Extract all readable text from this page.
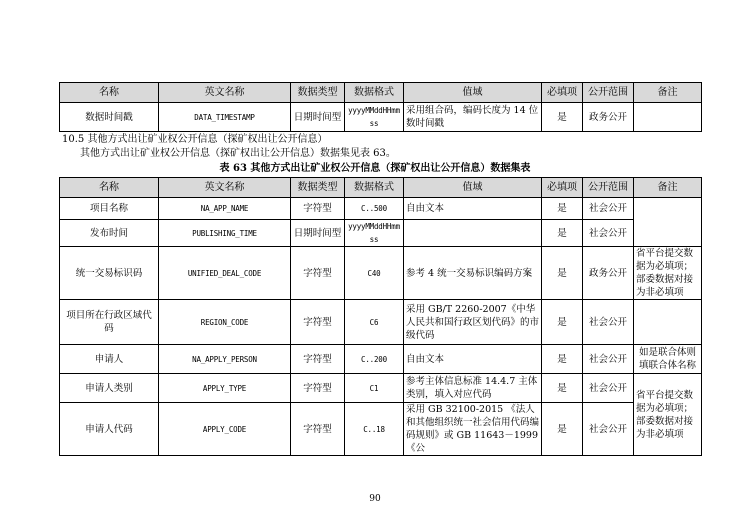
名称	英文名称	数据类型	数据格式	值域	必填项	公开范围	备注
数据时间戳	DATA_TIMESTAMP	日期时间型	yyyyMMddHHmmss	采用组合码，编码长度为 14 位数时间戳	是	政务公开	
10.5 其他方式出让矿业权公开信息（探矿权出让公开信息）
其他方式出让矿业权公开信息（探矿权出让公开信息）数据集见表 63。
表 63 其他方式出让矿业权公开信息（探矿权出让公开信息）数据集表
名称	英文名称	数据类型	数据格式	值域	必填项	公开范围	备注
项目名称	NA_APP_NAME	字符型	C..500	自由文本	是	社会公开	
发布时间	PUBLISHING_TIME	日期时间型	yyyyMMddHHmmss		是	社会公开	
统一交易标识码	UNIFIED_DEAL_CODE	字符型	C40	参考 4 统一交易标识编码方案	是	政务公开	省平台提交数据为必填项；部委数据对接为非必填项
项目所在行政区域代码	REGION_CODE	字符型	C6	采用 GB/T 2260-2007《中华人民共和国行政区划代码》的市级代码	是	社会公开	
申请人	NA_APPLY_PERSON	字符型	C..200	自由文本	是	社会公开	如是联合体则填联合体名称
申请人类别	APPLY_TYPE	字符型	C1	参考主体信息标准 14.4.7 主体类别，填入对应代码	是	社会公开	省平台提交数据为必填项；部委数据对接为非必填项
申请人代码	APPLY_CODE	字符型	C..18	采用 GB 32100-2015 《法人和其他组织统一社会信用代码编码规则》或 GB 11643－1999《公	是	社会公开	
90
